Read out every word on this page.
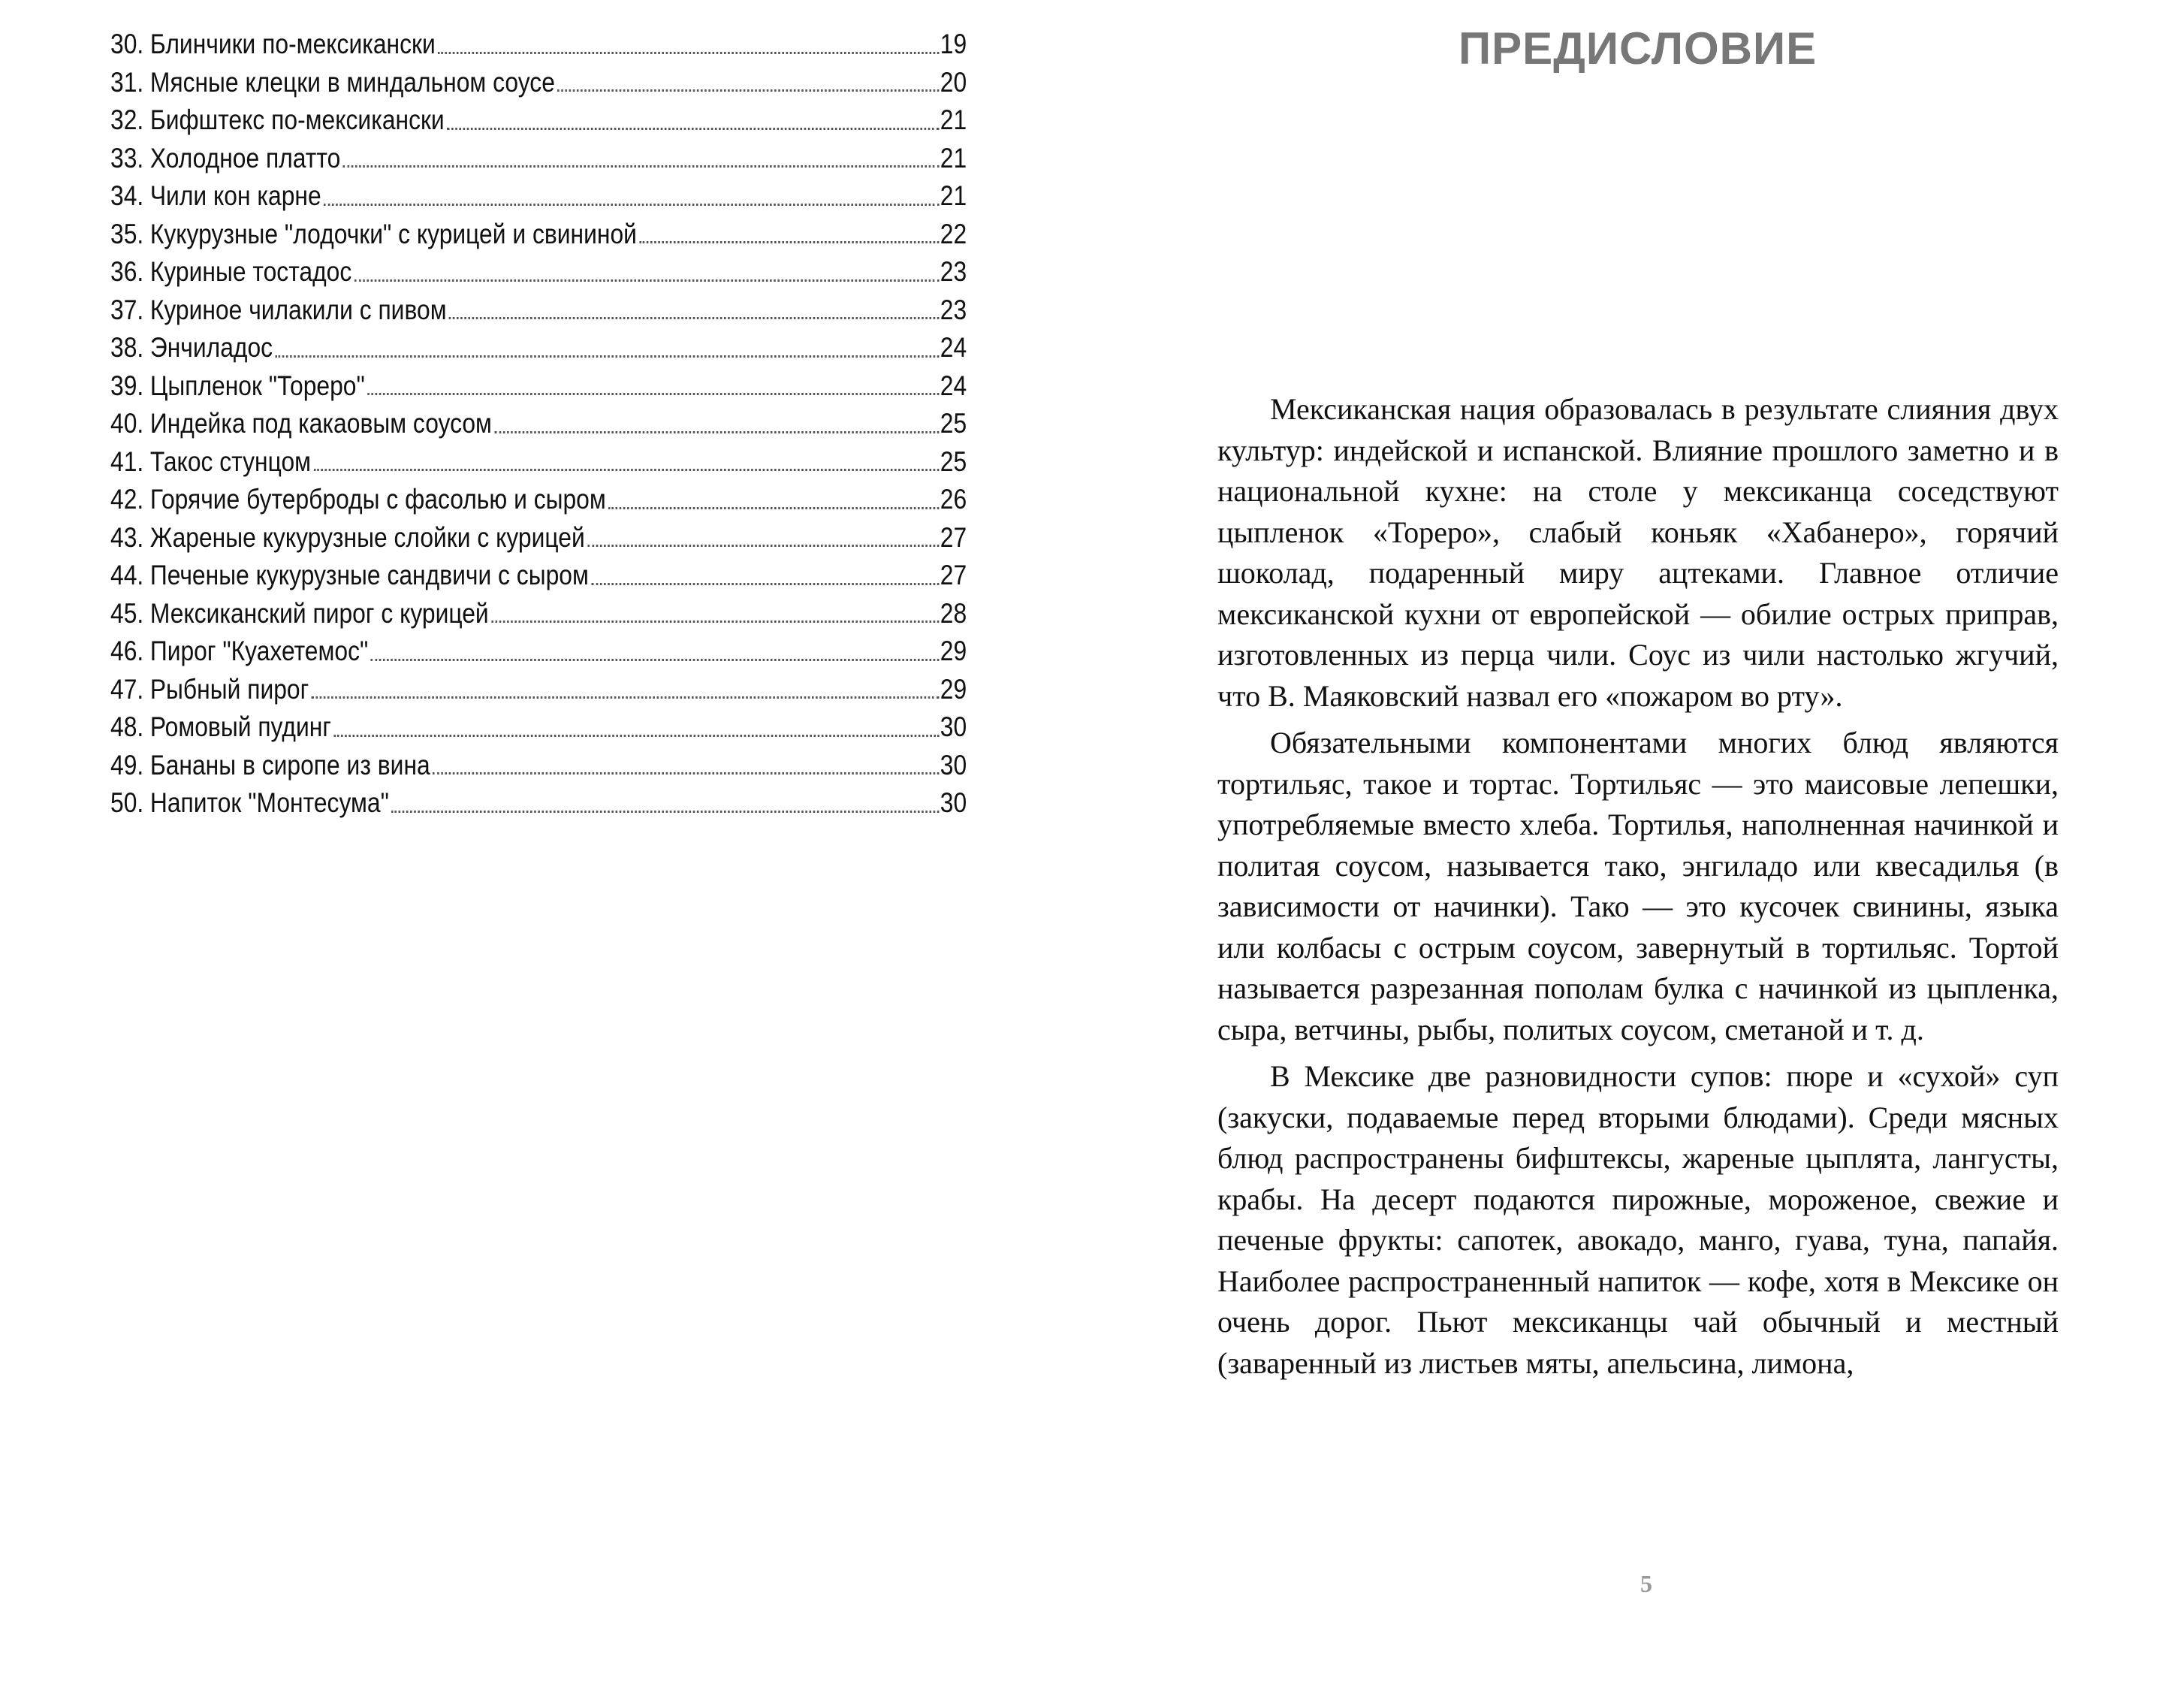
30. Блинчики по-мексикански	19
31. Мясные клецки в миндальном соусе	20
32. Бифштекс по-мексикански	21
33. Холодное платто	21
34. Чили кон карне	21
35. Кукурузные "лодочки" с курицей и свининой	22
36. Куриные тостадос	23
37. Куриное чилакили с пивом	23
38. Энчиладос	24
39. Цыпленок "Тореро"	24
40. Индейка под какаовым соусом	25
41. Такос стунцом	25
42. Горячие бутерброды с фасолью и сыром	26
43. Жареные кукурузные слойки с курицей	27
44. Печеные кукурузные сандвичи с сыром	27
45. Мексиканский пирог с курицей	28
46. Пирог "Куахетемос"	29
47. Рыбный пирог	29
48. Ромовый пудинг	30
49. Бананы в сиропе из вина	30
50. Напиток "Монтесума"	30
ПРЕДИСЛОВИЕ

Мексиканская нация образовалась в результате слияния двух культур: индейской и испанской. Влияние прошлого заметно и в национальной кухне: на столе у мексиканца соседствуют цыпленок «Тореро», слабый коньяк «Хабанеро», горячий шоколад, подаренный миру ацтеками. Главное отличие мексиканской кухни от европейской — обилие острых приправ, изготовленных из перца чили. Соус из чили настолько жгучий, что В. Маяковский назвал его «пожаром во рту».

Обязательными компонентами многих блюд являются тортильяс, такое и тортас. Тортильяс — это маисовые лепешки, употребляемые вместо хлеба. Тортилья, наполненная начинкой и политая соусом, называется тако, энгиладо или квесадилья (в зависимости от начинки). Тако — это кусочек свинины, языка или колбасы с острым соусом, завернутый в тортильяс. Тортой называется разрезанная пополам булка с начинкой из цыпленка, сыра, ветчины, рыбы, политых соусом, сметаной и т. д.

В Мексике две разновидности супов: пюре и «сухой» суп (закуски, подаваемые перед вторыми блюдами). Среди мясных блюд распространены бифштексы, жареные цыплята, лангусты, крабы. На десерт подаются пирожные, мороженое, свежие и печеные фрукты: сапотек, авокадо, манго, гуава, туна, папайя. Наиболее распространенный напиток — кофе, хотя в Мексике он очень дорог. Пьют мексиканцы чай обычный и местный (заваренный из листьев мяты, апельсина, лимона,

5
